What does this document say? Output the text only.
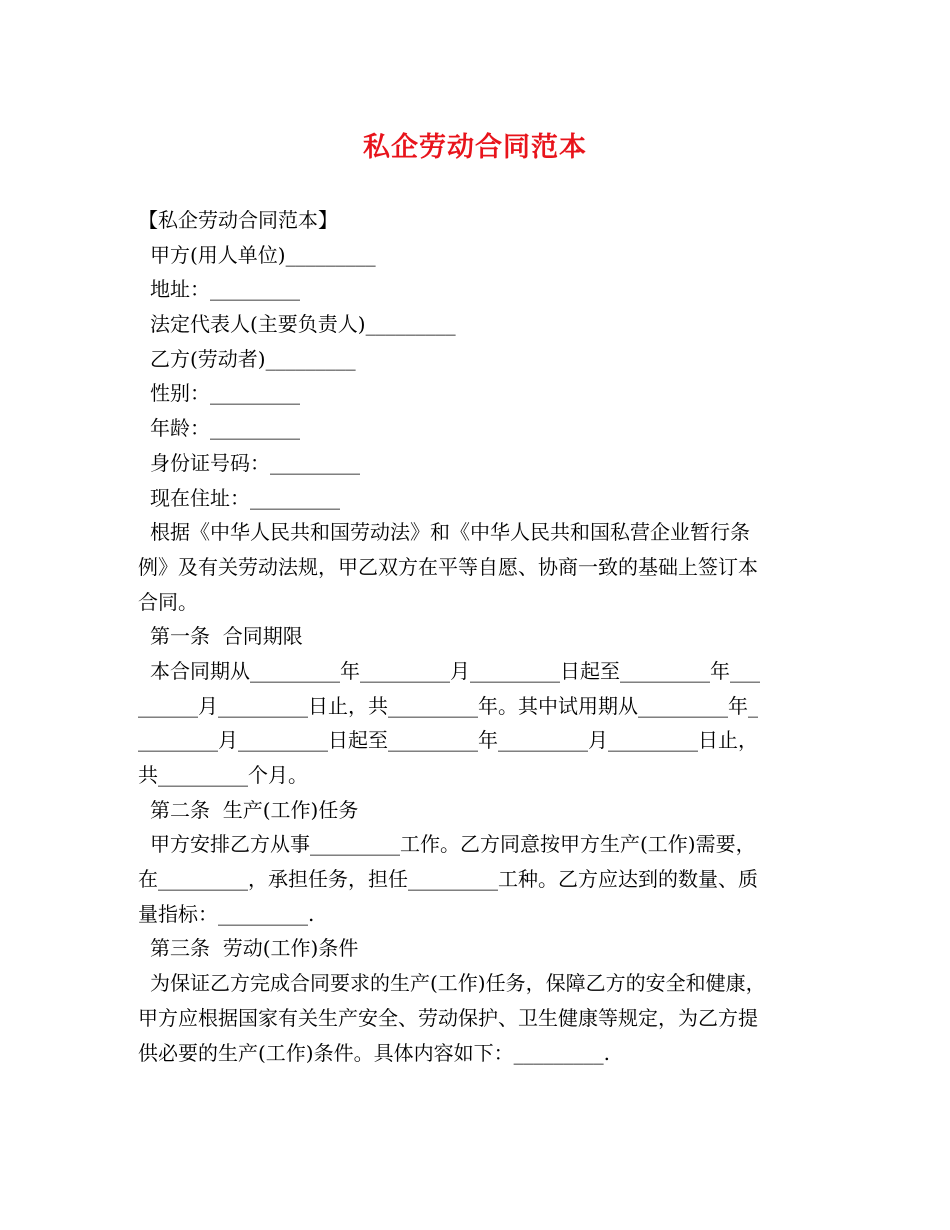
私企劳动合同范本
【私企劳动合同范本】
甲方(用人单位)_________
地址：_________
法定代表人(主要负责人)_________
乙方(劳动者)_________
性别：_________
年龄：_________
身份证号码：_________
现在住址：_________
根据《中华人民共和国劳动法》和《中华人民共和国私营企业暂行条
例》及有关劳动法规，甲乙双方在平等自愿、协商一致的基础上签订本
合同。
第一条  合同期限
本合同期从_________年_________月_________日起至_________年___
______月_________日止，共_________年。其中试用期从_________年_
________月_________日起至_________年_________月_________日止，
共_________个月。
第二条  生产(工作)任务
甲方安排乙方从事_________工作。乙方同意按甲方生产(工作)需要，
在_________，承担任务，担任_________工种。乙方应达到的数量、质
量指标：_________.
第三条  劳动(工作)条件
为保证乙方完成合同要求的生产(工作)任务，保障乙方的安全和健康，
甲方应根据国家有关生产安全、劳动保护、卫生健康等规定，为乙方提
供必要的生产(工作)条件。具体内容如下：_________.
